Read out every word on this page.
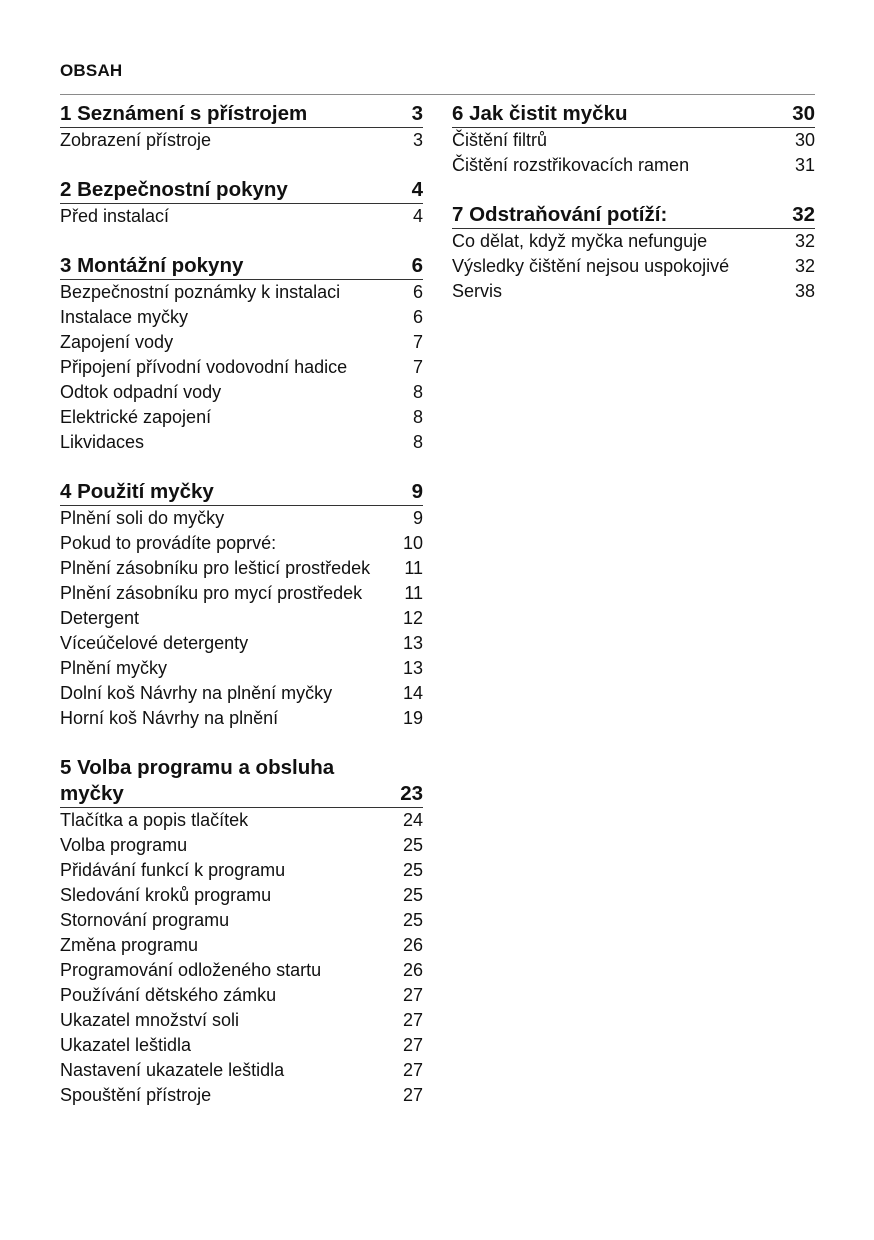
OBSAH
1 Seznámení s přístrojem	3
Zobrazení přístroje	3
2 Bezpečnostní pokyny	4
Před instalací	4
3 Montážní pokyny	6
Bezpečnostní poznámky k instalaci	6
Instalace myčky	6
Zapojení vody	7
Připojení přívodní vodovodní hadice	7
Odtok odpadní vody	8
Elektrické zapojení	8
Likvidaces	8
4 Použití myčky	9
Plnění soli do myčky	9
Pokud to provádíte poprvé:	10
Plnění zásobníku pro lešticí prostředek	11
Plnění zásobníku pro mycí prostředek	11
Detergent	12
Víceúčelové detergenty	13
Plnění myčky	13
Dolní koš Návrhy na plnění myčky	14
Horní koš Návrhy na plnění	19
5 Volba programu a obsluha myčky	23
Tlačítka a popis tlačítek	24
Volba programu	25
Přidávání funkcí k programu	25
Sledování kroků programu	25
Stornování programu	25
Změna programu	26
Programování odloženého startu	26
Používání dětského zámku	27
Ukazatel množství soli	27
Ukazatel leštidla	27
Nastavení ukazatele leštidla	27
Spouštění přístroje	27
6 Jak čistit myčku	30
Čištění filtrů	30
Čištění rozstřikovacích ramen	31
7 Odstraňování potíží:	32
Co dělat, když myčka nefunguje	32
Výsledky čištění nejsou uspokojivé	32
Servis	38
